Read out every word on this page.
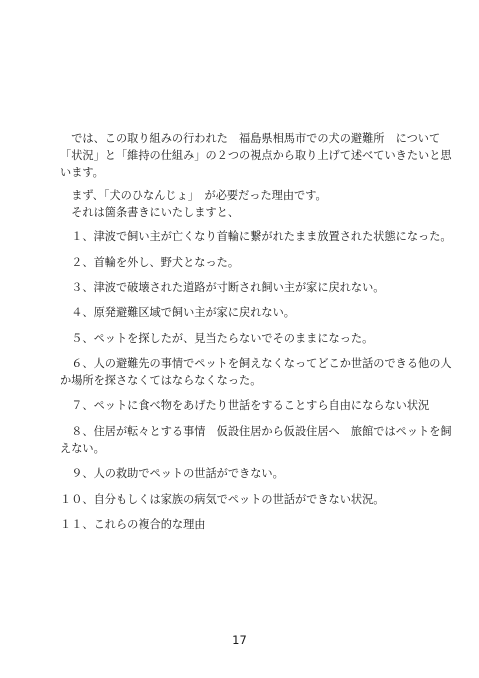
　では、この取り組みの行われた　福島県相馬市での犬の避難所　について
「状況」と「維持の仕組み」の２つの視点から取り上げて述べていきたいと思
います。
　まず、「犬のひなんじょ」　が必要だった理由です。
　それは箇条書きにいたしますと、
　１、津波で飼い主が亡くなり首輪に繋がれたまま放置された状態になった。
　２、首輪を外し、野犬となった。
　３、津波で破壊された道路が寸断され飼い主が家に戻れない。
　４、原発避難区域で飼い主が家に戻れない。
　５、ペットを探したが、見当たらないでそのままになった。
　６、人の避難先の事情でペットを飼えなくなってどこか世話のできる他の人
か場所を探さなくてはならなくなった。
　７、ペットに食べ物をあげたり世話をすることすら自由にならない状況
　８、住居が転々とする事情　仮設住居から仮設住居へ　旅館ではペットを飼
えない。
　９、人の救助でペットの世話ができない。
１０、自分もしくは家族の病気でペットの世話ができない状況。
１１、これらの複合的な理由
17
